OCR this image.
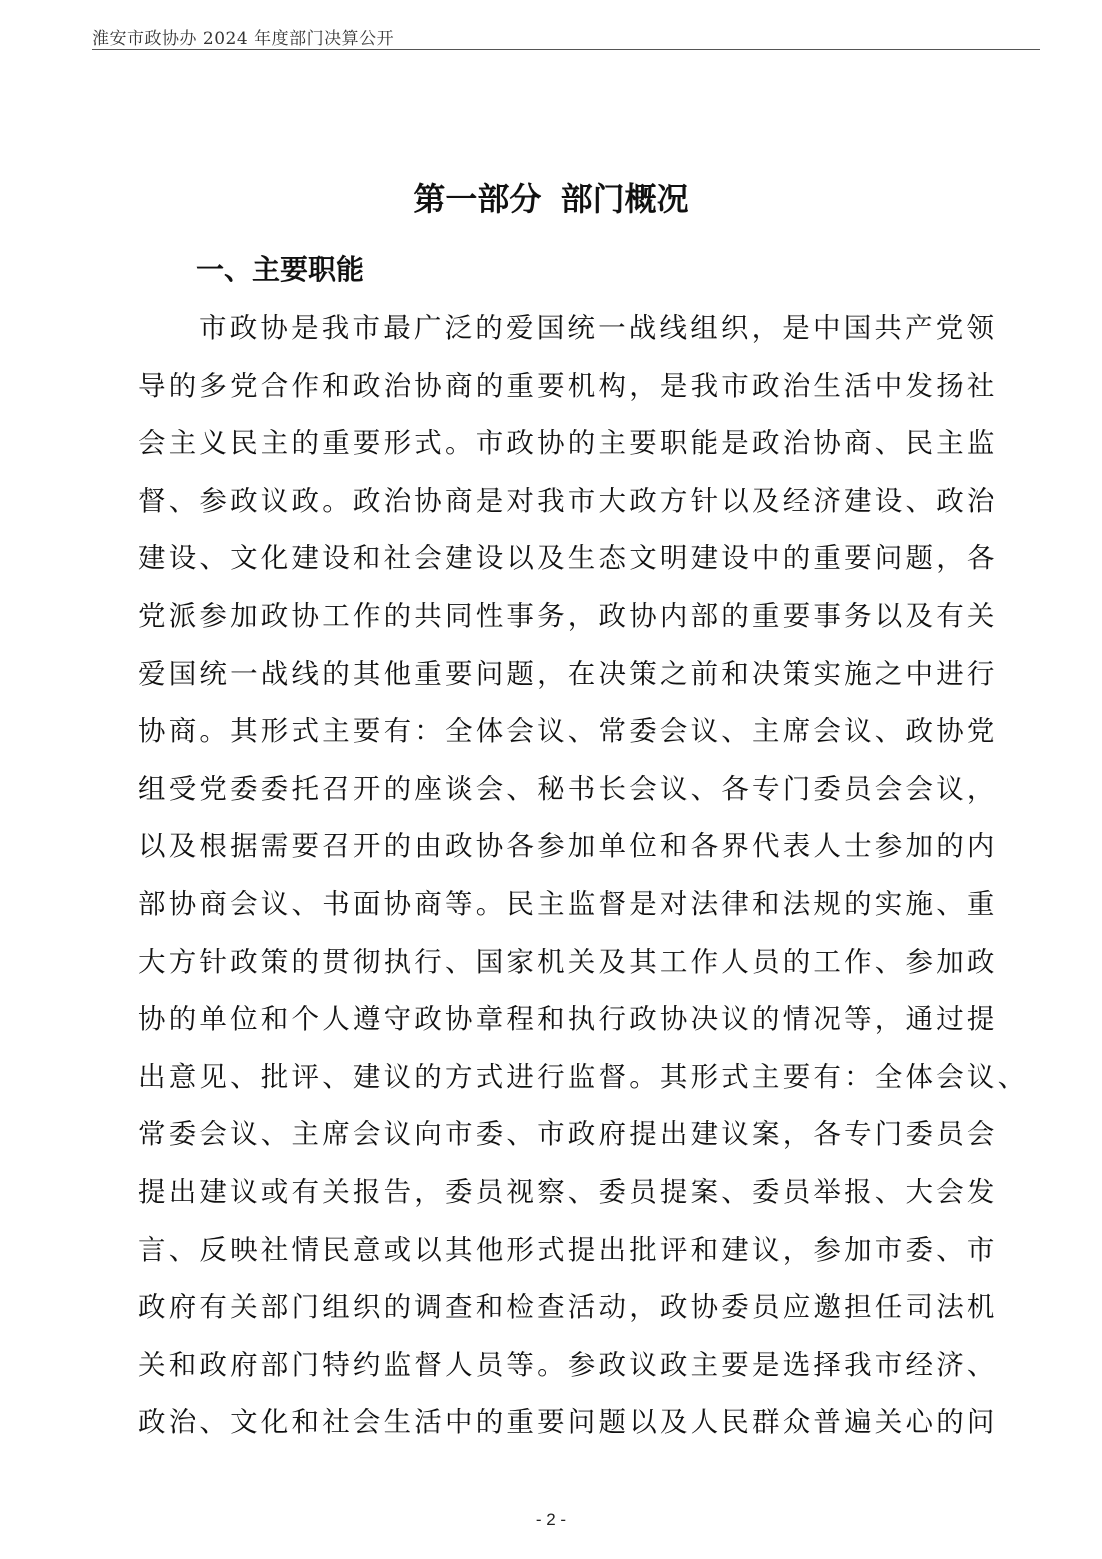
淮安市政协办 2024 年度部门决算公开
第一部分 部门概况
一、主要职能
市政协是我市最广泛的爱国统一战线组织，是中国共产党领
导的多党合作和政治协商的重要机构，是我市政治生活中发扬社
会主义民主的重要形式。市政协的主要职能是政治协商、民主监
督、参政议政。政治协商是对我市大政方针以及经济建设、政治
建设、文化建设和社会建设以及生态文明建设中的重要问题，各
党派参加政协工作的共同性事务，政协内部的重要事务以及有关
爱国统一战线的其他重要问题，在决策之前和决策实施之中进行
协商。其形式主要有：全体会议、常委会议、主席会议、政协党
组受党委委托召开的座谈会、秘书长会议、各专门委员会会议，
以及根据需要召开的由政协各参加单位和各界代表人士参加的内
部协商会议、书面协商等。民主监督是对法律和法规的实施、重
大方针政策的贯彻执行、国家机关及其工作人员的工作、参加政
协的单位和个人遵守政协章程和执行政协决议的情况等，通过提
出意见、批评、建议的方式进行监督。其形式主要有：全体会议、
常委会议、主席会议向市委、市政府提出建议案，各专门委员会
提出建议或有关报告，委员视察、委员提案、委员举报、大会发
言、反映社情民意或以其他形式提出批评和建议，参加市委、市
政府有关部门组织的调查和检查活动，政协委员应邀担任司法机
关和政府部门特约监督人员等。参政议政主要是选择我市经济、
政治、文化和社会生活中的重要问题以及人民群众普遍关心的问
- 2 -
